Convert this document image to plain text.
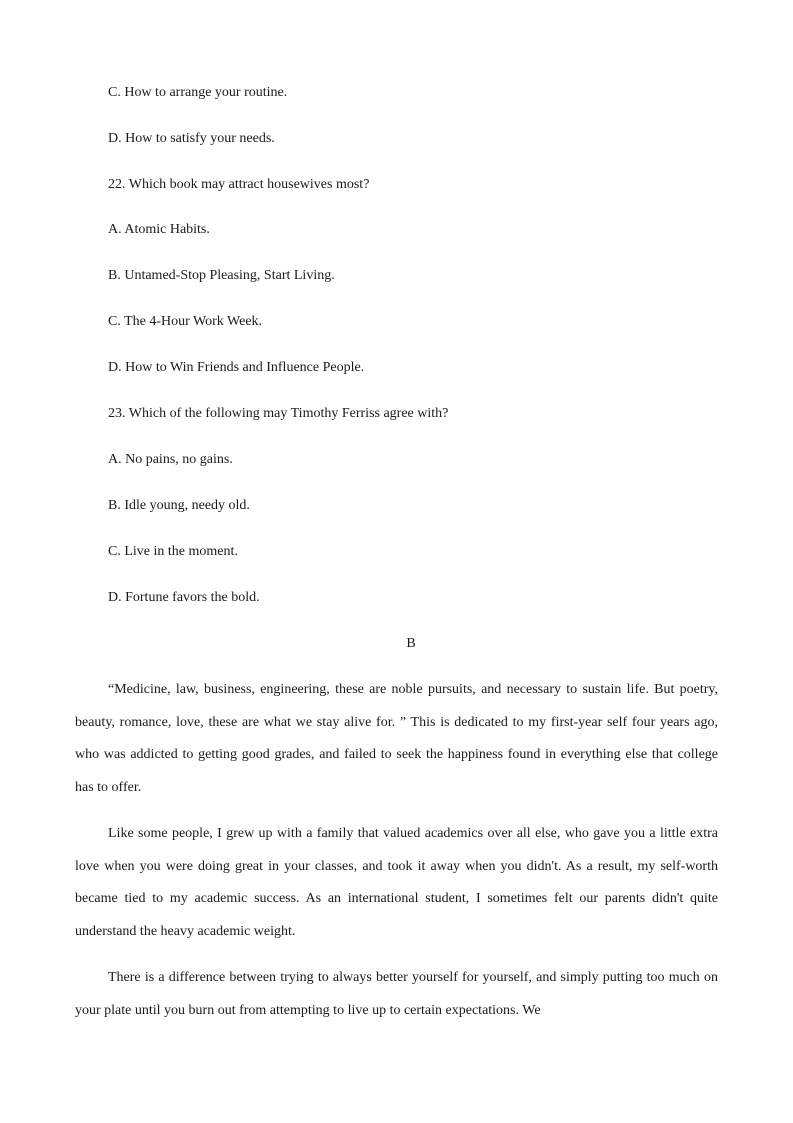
C. How to arrange your routine.
D. How to satisfy your needs.
22. Which book may attract housewives most?
A. Atomic Habits.
B. Untamed-Stop Pleasing, Start Living.
C. The 4-Hour Work Week.
D. How to Win Friends and Influence People.
23. Which of the following may Timothy Ferriss agree with?
A. No pains, no gains.
B. Idle young, needy old.
C. Live in the moment.
D. Fortune favors the bold.
B
“Medicine, law, business, engineering, these are noble pursuits, and necessary to sustain life. But poetry, beauty, romance, love, these are what we stay alive for. ” This is dedicated to my first-year self four years ago, who was addicted to getting good grades, and failed to seek the happiness found in everything else that college has to offer.
Like some people, I grew up with a family that valued academics over all else, who gave you a little extra love when you were doing great in your classes, and took it away when you didn't. As a result, my self-worth became tied to my academic success. As an international student, I sometimes felt our parents didn't quite understand the heavy academic weight.
There is a difference between trying to always better yourself for yourself, and simply putting too much on your plate until you burn out from attempting to live up to certain expectations. We
